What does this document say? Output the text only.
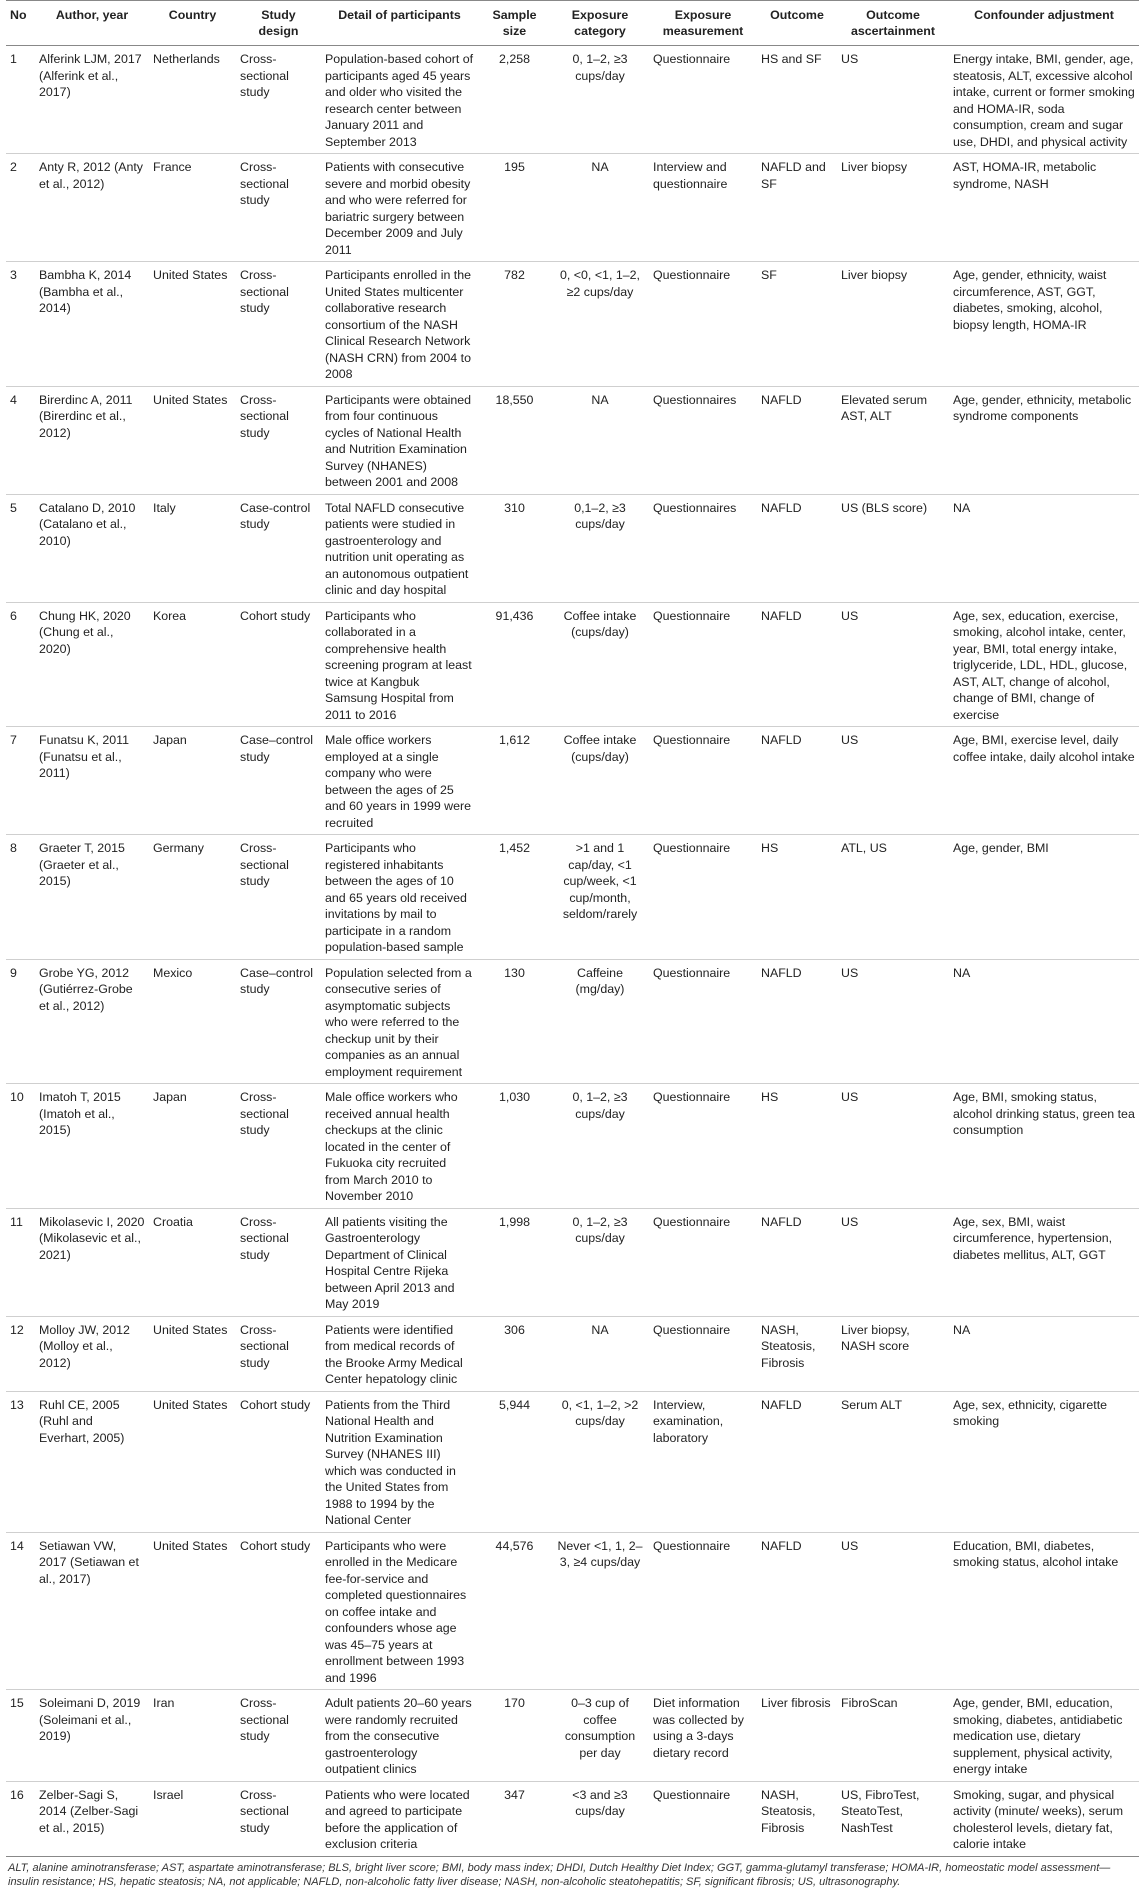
No	Author, year	Country	Study design	Detail of participants	Sample size	Exposure category	Exposure measurement	Outcome	Outcome ascertainment	Confounder adjustment
1	Alferink LJM, 2017 (Alferink et al., 2017)	Netherlands	Cross-sectional study	Population-based cohort of participants aged 45 years and older who visited the research center between January 2011 and September 2013	2,258	0, 1–2, ≥3 cups/day	Questionnaire	HS and SF	US	Energy intake, BMI, gender, age, steatosis, ALT, excessive alcohol intake, current or former smoking and HOMA-IR, soda consumption, cream and sugar use, DHDI, and physical activity
2	Anty R, 2012 (Anty et al., 2012)	France	Cross-sectional study	Patients with consecutive severe and morbid obesity and who were referred for bariatric surgery between December 2009 and July 2011	195	NA	Interview and questionnaire	NAFLD and SF	Liver biopsy	AST, HOMA-IR, metabolic syndrome, NASH
3	Bambha K, 2014 (Bambha et al., 2014)	United States	Cross-sectional study	Participants enrolled in the United States multicenter collaborative research consortium of the NASH Clinical Research Network (NASH CRN) from 2004 to 2008	782	0, <0, <1, 1–2, ≥2 cups/day	Questionnaire	SF	Liver biopsy	Age, gender, ethnicity, waist circumference, AST, GGT, diabetes, smoking, alcohol, biopsy length, HOMA-IR
4	Birerdinc A, 2011 (Birerdinc et al., 2012)	United States	Cross-sectional study	Participants were obtained from four continuous cycles of National Health and Nutrition Examination Survey (NHANES) between 2001 and 2008	18,550	NA	Questionnaires	NAFLD	Elevated serum AST, ALT	Age, gender, ethnicity, metabolic syndrome components
5	Catalano D, 2010 (Catalano et al., 2010)	Italy	Case-control study	Total NAFLD consecutive patients were studied in gastroenterology and nutrition unit operating as an autonomous outpatient clinic and day hospital	310	0,1–2, ≥3 cups/day	Questionnaires	NAFLD	US (BLS score)	NA
6	Chung HK, 2020 (Chung et al., 2020)	Korea	Cohort study	Participants who collaborated in a comprehensive health screening program at least twice at Kangbuk Samsung Hospital from 2011 to 2016	91,436	Coffee intake (cups/day)	Questionnaire	NAFLD	US	Age, sex, education, exercise, smoking, alcohol intake, center, year, BMI, total energy intake, triglyceride, LDL, HDL, glucose, AST, ALT, change of alcohol, change of BMI, change of exercise
7	Funatsu K, 2011 (Funatsu et al., 2011)	Japan	Case–control study	Male office workers employed at a single company who were between the ages of 25 and 60 years in 1999 were recruited	1,612	Coffee intake (cups/day)	Questionnaire	NAFLD	US	Age, BMI, exercise level, daily coffee intake, daily alcohol intake
8	Graeter T, 2015 (Graeter et al., 2015)	Germany	Cross-sectional study	Participants who registered inhabitants between the ages of 10 and 65 years old received invitations by mail to participate in a random population-based sample	1,452	>1 and 1 cap/day, <1 cup/week, <1 cup/month, seldom/rarely	Questionnaire	HS	ATL, US	Age, gender, BMI
9	Grobe YG, 2012 (Gutiérrez-Grobe et al., 2012)	Mexico	Case–control study	Population selected from a consecutive series of asymptomatic subjects who were referred to the checkup unit by their companies as an annual employment requirement	130	Caffeine (mg/day)	Questionnaire	NAFLD	US	NA
10	Imatoh T, 2015 (Imatoh et al., 2015)	Japan	Cross-sectional study	Male office workers who received annual health checkups at the clinic located in the center of Fukuoka city recruited from March 2010 to November 2010	1,030	0, 1–2, ≥3 cups/day	Questionnaire	HS	US	Age, BMI, smoking status, alcohol drinking status, green tea consumption
11	Mikolasevic I, 2020 (Mikolasevic et al., 2021)	Croatia	Cross-sectional study	All patients visiting the Gastroenterology Department of Clinical Hospital Centre Rijeka between April 2013 and May 2019	1,998	0, 1–2, ≥3 cups/day	Questionnaire	NAFLD	US	Age, sex, BMI, waist circumference, hypertension, diabetes mellitus, ALT, GGT
12	Molloy JW, 2012 (Molloy et al., 2012)	United States	Cross-sectional study	Patients were identified from medical records of the Brooke Army Medical Center hepatology clinic	306	NA	Questionnaire	NASH, Steatosis, Fibrosis	Liver biopsy, NASH score	NA
13	Ruhl CE, 2005 (Ruhl and Everhart, 2005)	United States	Cohort study	Patients from the Third National Health and Nutrition Examination Survey (NHANES III) which was conducted in the United States from 1988 to 1994 by the National Center	5,944	0, <1, 1–2, >2 cups/day	Interview, examination, laboratory	NAFLD	Serum ALT	Age, sex, ethnicity, cigarette smoking
14	Setiawan VW, 2017 (Setiawan et al., 2017)	United States	Cohort study	Participants who were enrolled in the Medicare fee-for-service and completed questionnaires on coffee intake and confounders whose age was 45–75 years at enrollment between 1993 and 1996	44,576	Never <1, 1, 2–3, ≥4 cups/day	Questionnaire	NAFLD	US	Education, BMI, diabetes, smoking status, alcohol intake
15	Soleimani D, 2019 (Soleimani et al., 2019)	Iran	Cross-sectional study	Adult patients 20–60 years were randomly recruited from the consecutive gastroenterology outpatient clinics	170	0–3 cup of coffee consumption per day	Diet information was collected by using a 3-days dietary record	Liver fibrosis	FibroScan	Age, gender, BMI, education, smoking, diabetes, antidiabetic medication use, dietary supplement, physical activity, energy intake
16	Zelber-Sagi S, 2014 (Zelber-Sagi et al., 2015)	Israel	Cross-sectional study	Patients who were located and agreed to participate before the application of exclusion criteria	347	<3 and ≥3 cups/day	Questionnaire	NASH, Steatosis, Fibrosis	US, FibroTest, SteatoTest, NashTest	Smoking, sugar, and physical activity (minute/ weeks), serum cholesterol levels, dietary fat, calorie intake
ALT, alanine aminotransferase; AST, aspartate aminotransferase; BLS, bright liver score; BMI, body mass index; DHDI, Dutch Healthy Diet Index; GGT, gamma-glutamyl transferase; HOMA-IR, homeostatic model assessment—insulin resistance; HS, hepatic steatosis; NA, not applicable; NAFLD, non-alcoholic fatty liver disease; NASH, non-alcoholic steatohepatitis; SF, significant fibrosis; US, ultrasonography.
